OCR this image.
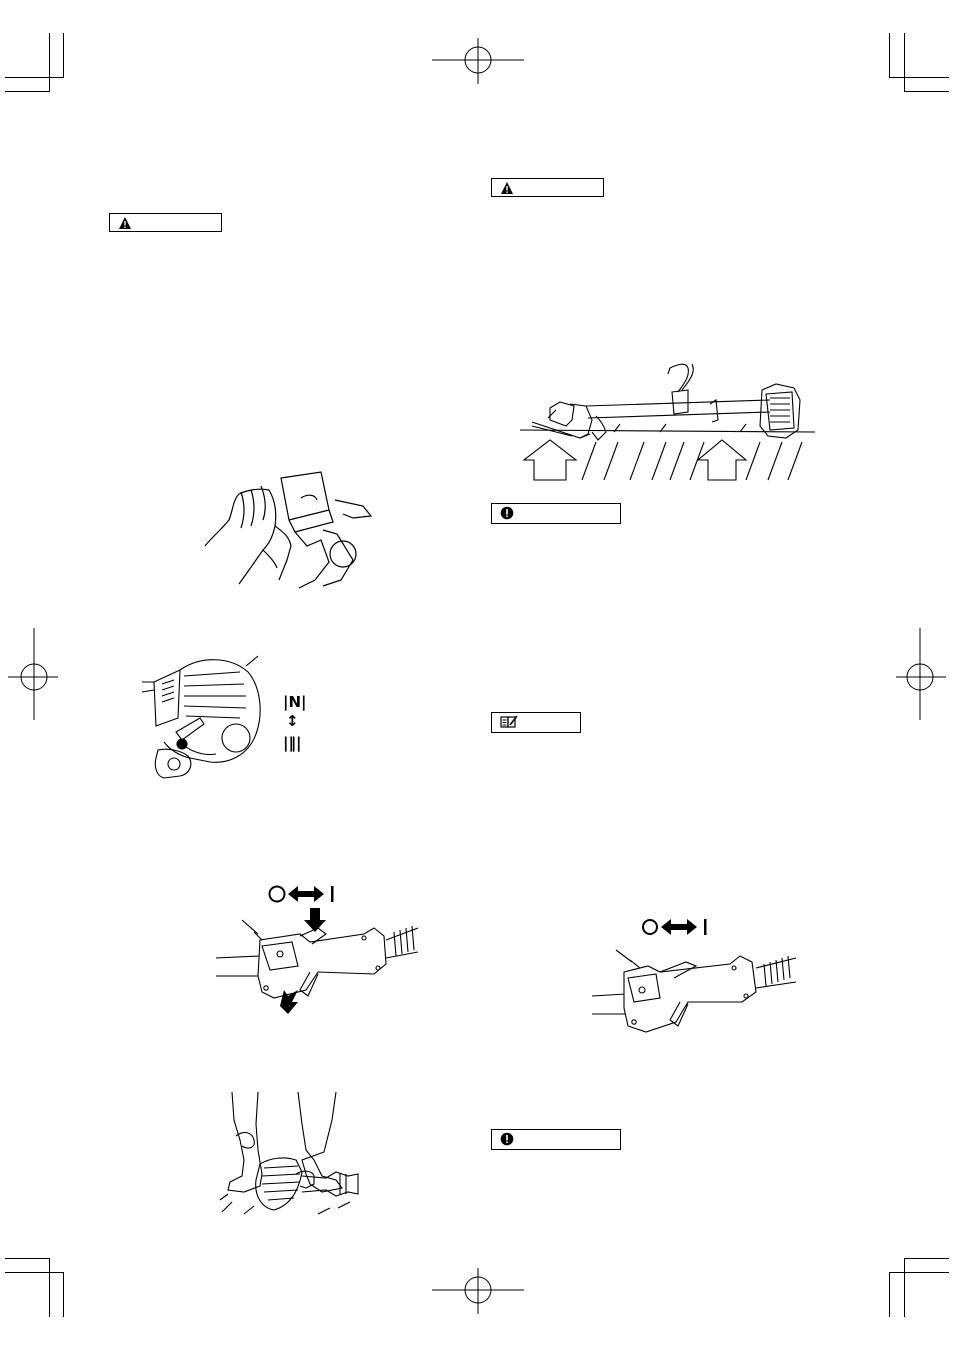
|N|
↕
|‖|
